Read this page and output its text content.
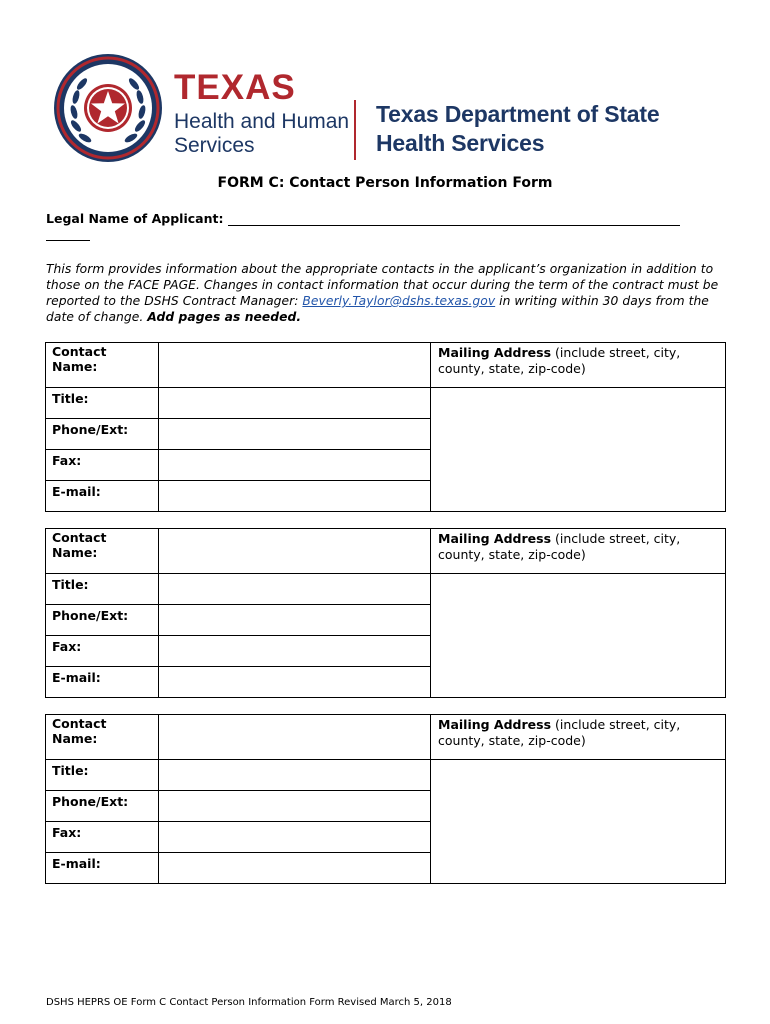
TEXAS
Health and Human
Services
Texas Department of State
Health Services
FORM C: Contact Person Information Form
Legal Name of Applicant:
This form provides information about the appropriate contacts in the applicant’s organization in addition to those on the FACE PAGE. Changes in contact information that occur during the term of the contract must be reported to the DSHS Contract Manager: Beverly.Taylor@dshs.texas.gov in writing within 30 days from the date of change. Add pages as needed.
Contact
Name:
Title:
Phone/Ext:
Fax:
E-mail:
Mailing Address (include street, city, county, state, zip-code)
Contact
Name:
Title:
Phone/Ext:
Fax:
E-mail:
Mailing Address (include street, city, county, state, zip-code)
Contact
Name:
Title:
Phone/Ext:
Fax:
E-mail:
Mailing Address (include street, city, county, state, zip-code)
DSHS HEPRS OE Form C Contact Person Information Form Revised March 5, 2018
